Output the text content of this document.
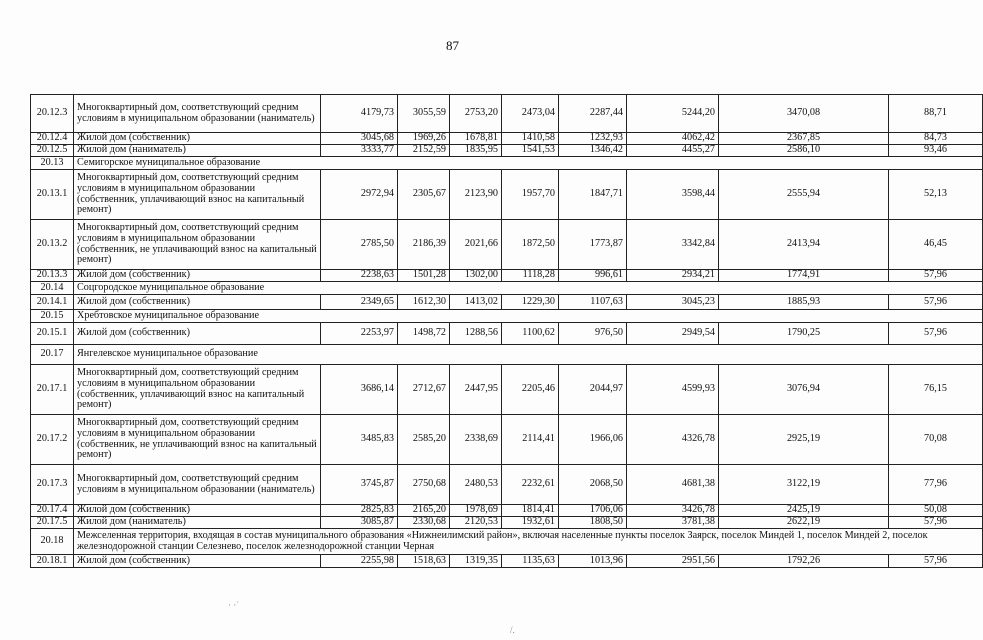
87
20.12.3	Многоквартирный дом, соответствующий средним условиям в муниципальном образовании (наниматель)	4179,73	3055,59	2753,20	2473,04	2287,44	5244,20	3470,08	88,71
20.12.4	Жилой дом (собственник)	3045,68	1969,26	1678,81	1410,58	1232,93	4062,42	2367,85	84,73
20.12.5	Жилой дом (наниматель)	3333,77	2152,59	1835,95	1541,53	1346,42	4455,27	2586,10	93,46
20.13	Семигорское муниципальное образование								
20.13.1	Многоквартирный дом, соответствующий средним условиям в муниципальном образовании (собственник, уплачивающий взнос на капитальный ремонт)	2972,94	2305,67	2123,90	1957,70	1847,71	3598,44	2555,94	52,13
20.13.2	Многоквартирный дом, соответствующий средним условиям в муниципальном образовании (собственник, не уплачивающий взнос на капитальный ремонт)	2785,50	2186,39	2021,66	1872,50	1773,87	3342,84	2413,94	46,45
20.13.3	Жилой дом (собственник)	2238,63	1501,28	1302,00	1118,28	996,61	2934,21	1774,91	57,96
20.14	Соцгородское муниципальное образование								
20.14.1	Жилой дом (собственник)	2349,65	1612,30	1413,02	1229,30	1107,63	3045,23	1885,93	57,96
20.15	Хребтовское муниципальное образование								
20.15.1	Жилой дом (собственник)	2253,97	1498,72	1288,56	1100,62	976,50	2949,54	1790,25	57,96
20.17	Янгелевское муниципальное образование								
20.17.1	Многоквартирный дом, соответствующий средним условиям в муниципальном образовании (собственник, уплачивающий взнос на капитальный ремонт)	3686,14	2712,67	2447,95	2205,46	2044,97	4599,93	3076,94	76,15
20.17.2	Многоквартирный дом, соответствующий средним условиям в муниципальном образовании (собственник, не уплачивающий взнос на капитальный ремонт)	3485,83	2585,20	2338,69	2114,41	1966,06	4326,78	2925,19	70,08
20.17.3	Многоквартирный дом, соответствующий средним условиям в муниципальном образовании (наниматель)	3745,87	2750,68	2480,53	2232,61	2068,50	4681,38	3122,19	77,96
20.17.4	Жилой дом (собственник)	2825,83	2165,20	1978,69	1814,41	1706,06	3426,78	2425,19	50,08
20.17.5	Жилой дом (наниматель)	3085,87	2330,68	2120,53	1932,61	1808,50	3781,38	2622,19	57,96
20.18	Межселенная территория, входящая в состав муниципального образования «Нижнеилимский район», включая населенные пункты поселок Заярск, поселок Миндей 1, поселок Миндей 2, поселок железнодорожной станции Селезнево, поселок железнодорожной станции Черная								
20.18.1	Жилой дом (собственник)	2255,98	1518,63	1319,35	1135,63	1013,96	2951,56	1792,26	57,96
· ·˙
/.
